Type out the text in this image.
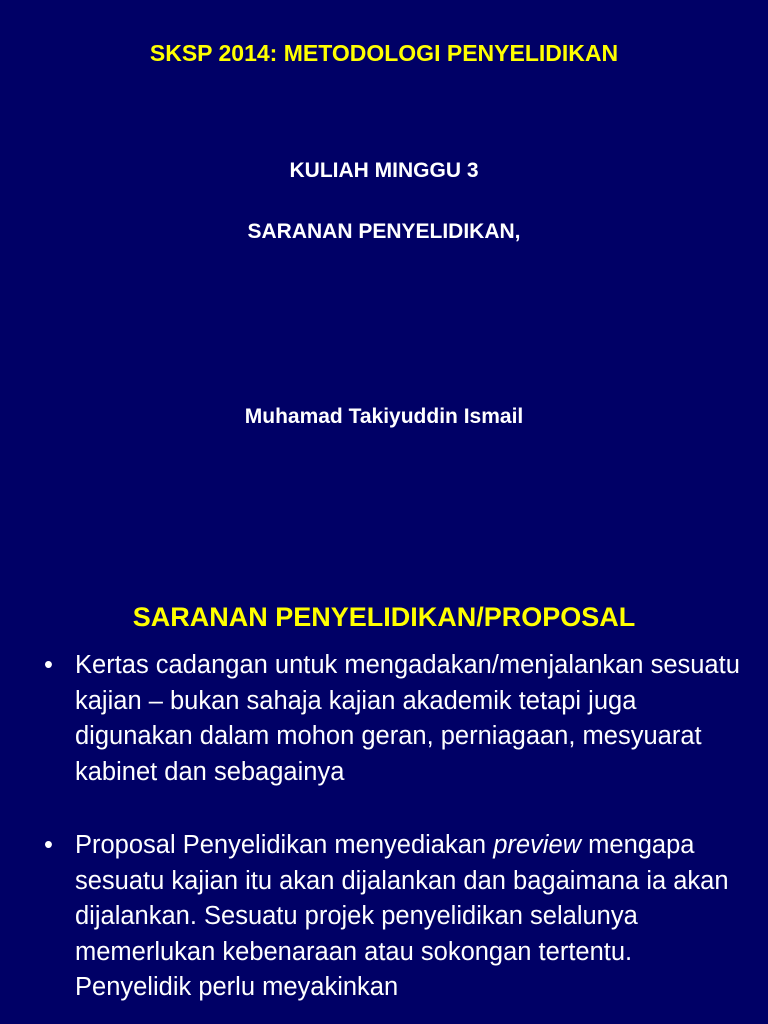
SKSP 2014: METODOLOGI PENYELIDIKAN
KULIAH MINGGU 3
SARANAN PENYELIDIKAN,
Muhamad Takiyuddin Ismail
SARANAN PENYELIDIKAN/PROPOSAL
• Kertas cadangan untuk mengadakan/menjalankan sesuatu kajian – bukan sahaja kajian akademik tetapi juga digunakan dalam mohon geran, perniagaan, mesyuarat kabinet dan sebagainya
• Proposal Penyelidikan menyediakan preview mengapa sesuatu kajian itu akan dijalankan dan bagaimana ia akan dijalankan. Sesuatu projek penyelidikan selalunya memerlukan kebenaraan atau sokongan tertentu. Penyelidik perlu meyakinkan
